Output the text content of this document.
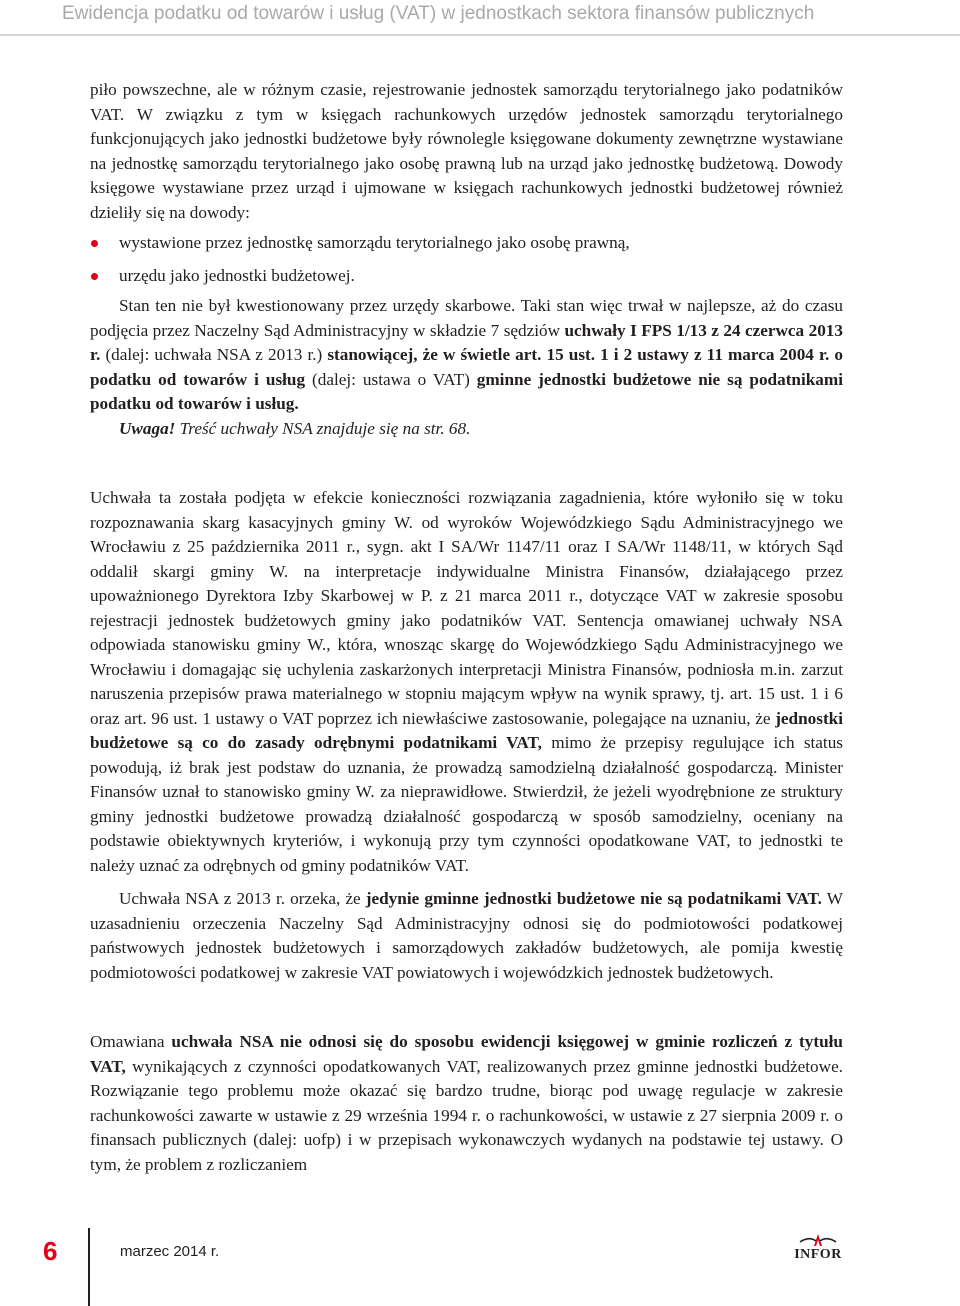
Ewidencja podatku od towarów i usług (VAT) w jednostkach sektora finansów publicznych

piło powszechne, ale w różnym czasie, rejestrowanie jednostek samorządu terytorialnego jako podatników VAT. W związku z tym w księgach rachunkowych urzędów jednostek samorządu terytorialnego funkcjonujących jako jednostki budżetowe były równolegle księgowane dokumenty zewnętrzne wystawiane na jednostkę samorządu terytorialnego jako osobę prawną lub na urząd jako jednostkę budżetową. Dowody księgowe wystawiane przez urząd i ujmowane w księgach rachunkowych jednostki budżetowej również dzieliły się na dowody:

wystawione przez jednostkę samorządu terytorialnego jako osobę prawną,
urzędu jako jednostki budżetowej.

Stan ten nie był kwestionowany przez urzędy skarbowe. Taki stan więc trwał w najlepsze, aż do czasu podjęcia przez Naczelny Sąd Administracyjny w składzie 7 sędziów uchwały I FPS 1/13 z 24 czerwca 2013 r. (dalej: uchwała NSA z 2013 r.) stanowiącej, że w świetle art. 15 ust. 1 i 2 ustawy z 11 marca 2004 r. o podatku od towarów i usług (dalej: ustawa o VAT) gminne jednostki budżetowe nie są podatnikami podatku od towarów i usług.

Uwaga! Treść uchwały NSA znajduje się na str. 68.

Uchwała ta została podjęta w efekcie konieczności rozwiązania zagadnienia, które wyłoniło się w toku rozpoznawania skarg kasacyjnych gminy W. od wyroków Wojewódzkiego Sądu Administracyjnego we Wrocławiu z 25 października 2011 r., sygn. akt I SA/Wr 1147/11 oraz I SA/Wr 1148/11, w których Sąd oddalił skargi gminy W. na interpretacje indywidualne Ministra Finansów, działającego przez upoważnionego Dyrektora Izby Skarbowej w P. z 21 marca 2011 r., dotyczące VAT w zakresie sposobu rejestracji jednostek budżetowych gminy jako podatników VAT. Sentencja omawianej uchwały NSA odpowiada stanowisku gminy W., która, wnosząc skargę do Wojewódzkiego Sądu Administracyjnego we Wrocławiu i domagając się uchylenia zaskarżonych interpretacji Ministra Finansów, podniosła m.in. zarzut naruszenia przepisów prawa materialnego w stopniu mającym wpływ na wynik sprawy, tj. art. 15 ust. 1 i 6 oraz art. 96 ust. 1 ustawy o VAT poprzez ich niewłaściwe zastosowanie, polegające na uznaniu, że jednostki budżetowe są co do zasady odrębnymi podatnikami VAT, mimo że przepisy regulujące ich status powodują, iż brak jest podstaw do uznania, że prowadzą samodzielną działalność gospodarczą. Minister Finansów uznał to stanowisko gminy W. za nieprawidłowe. Stwierdził, że jeżeli wyodrębnione ze struktury gminy jednostki budżetowe prowadzą działalność gospodarczą w sposób samodzielny, oceniany na podstawie obiektywnych kryteriów, i wykonują przy tym czynności opodatkowane VAT, to jednostki te należy uznać za odrębnych od gminy podatników VAT.

Uchwała NSA z 2013 r. orzeka, że jedynie gminne jednostki budżetowe nie są podatnikami VAT. W uzasadnieniu orzeczenia Naczelny Sąd Administracyjny odnosi się do podmiotowości podatkowej państwowych jednostek budżetowych i samorządowych zakładów budżetowych, ale pomija kwestię podmiotowości podatkowej w zakresie VAT powiatowych i wojewódzkich jednostek budżetowych.

Omawiana uchwała NSA nie odnosi się do sposobu ewidencji księgowej w gminie rozliczeń z tytułu VAT, wynikających z czynności opodatkowanych VAT, realizowanych przez gminne jednostki budżetowe. Rozwiązanie tego problemu może okazać się bardzo trudne, biorąc pod uwagę regulacje w zakresie rachunkowości zawarte w ustawie z 29 września 1994 r. o rachunkowości, w ustawie z 27 sierpnia 2009 r. o finansach publicznych (dalej: uofp) i w przepisach wykonawczych wydanych na podstawie tej ustawy. O tym, że problem z rozliczaniem

6	marzec 2014 r.	INFOR
